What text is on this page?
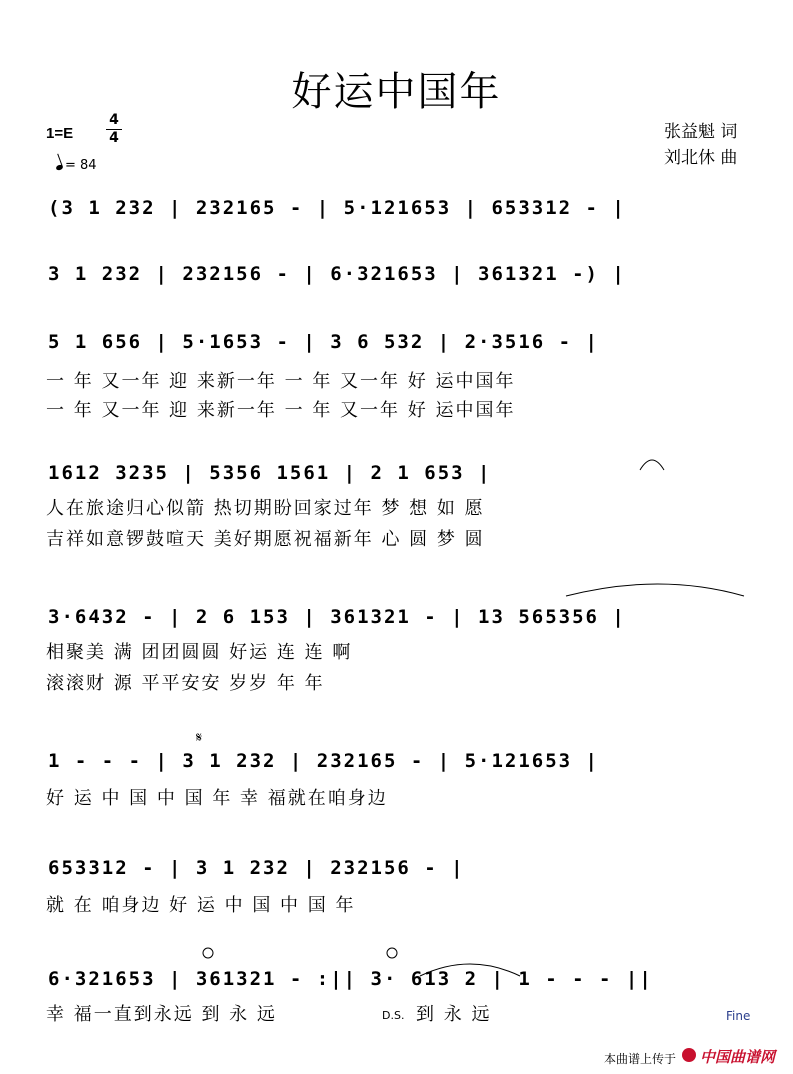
好运中国年
1=E
4
4
= 84
张益魁 词
刘北休 曲
(3 1 232 | 232165 - | 5·121653 | 653312 - |
3 1 232 | 232156 - | 6·321653 | 361321 -) |
5 1 656 | 5·1653 - | 3 6 532 | 2·3516 - |
一 年 又一年 迎 来新一年 一 年 又一年 好 运中国年
一 年 又一年 迎 来新一年 一 年 又一年 好 运中国年
1612 3235 | 5356 1561 | 2 1 653 |
人在旅途归心似箭 热切期盼回家过年 梦 想 如 愿
吉祥如意锣鼓喧天 美好期愿祝福新年 心 圆 梦 圆
3·6432 - | 2 6 153 | 361321 - | 13 565356 |
相聚美 满 团团圆圆 好运 连 连 啊
滚滚财 源 平平安安 岁岁 年 年
1 - - - | 3 1 232 | 232165 - | 5·121653 |
好 运 中 国 中 国 年 幸 福就在咱身边
653312 - | 3 1 232 | 232156 - |
就 在 咱身边 好 运 中 国 中 国 年
6·321653 | 361321 - :|| 3· 613 2 | 1 - - - ||
幸 福一直到永远 到 永 远	D.S. 到 永 远	Fine
𝄋
本曲谱上传于 中国曲谱网
